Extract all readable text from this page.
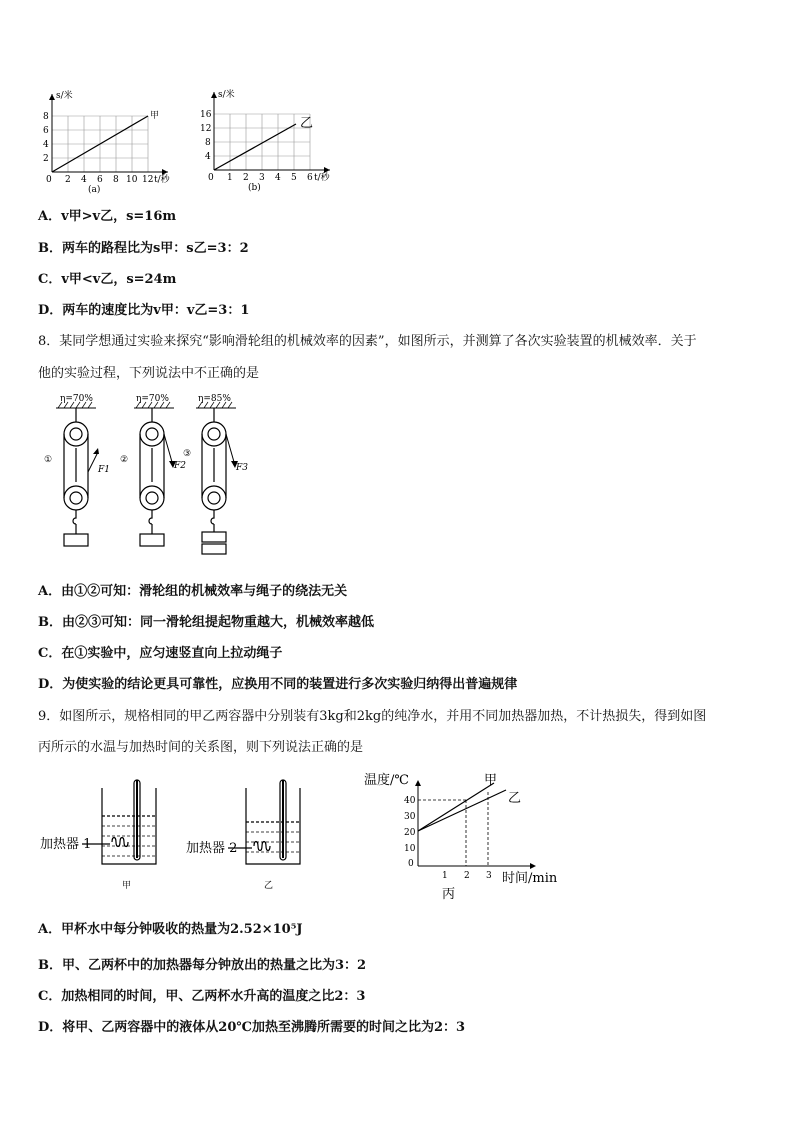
s/米
甲
8
6
4
2
0 2 4 6 8 10 12 t/秒
(a)
s/米
乙
16
12
8
4
0 1 2 3 4 5 6 t/秒
(b)
A．v甲>v乙，s=16m
B．两车的路程比为s甲：s乙=3：2
C．v甲<v乙，s=24m
D．两车的速度比为v甲：v乙=3：1
8．某同学想通过实验来探究“影响滑轮组的机械效率的因素”，如图所示，并测算了各次实验装置的机械效率．关于
他的实验过程，下列说法中不正确的是
η=70%	η=70%	η=85%
①
F1
②
F2
③
F3
A．由①②可知：滑轮组的机械效率与绳子的绕法无关
B．由②③可知：同一滑轮组提起物重越大，机械效率越低
C．在①实验中，应匀速竖直向上拉动绳子
D．为使实验的结论更具可靠性，应换用不同的装置进行多次实验归纳得出普遍规律
9．如图所示，规格相同的甲乙两容器中分别装有3kg和2kg的纯净水，并用不同加热器加热，不计热损失，得到如图
丙所示的水温与加热时间的关系图，则下列说法正确的是
加热器 1
甲
加热器 2
乙
温度/℃	甲
乙
40
30
20
10
0
1 2 3 时间/min
丙
A．甲杯水中每分钟吸收的热量为2.52×10⁵J
B．甲、乙两杯中的加热器每分钟放出的热量之比为3：2
C．加热相同的时间，甲、乙两杯水升高的温度之比2：3
D．将甲、乙两容器中的液体从20℃加热至沸腾所需要的时间之比为2：3
